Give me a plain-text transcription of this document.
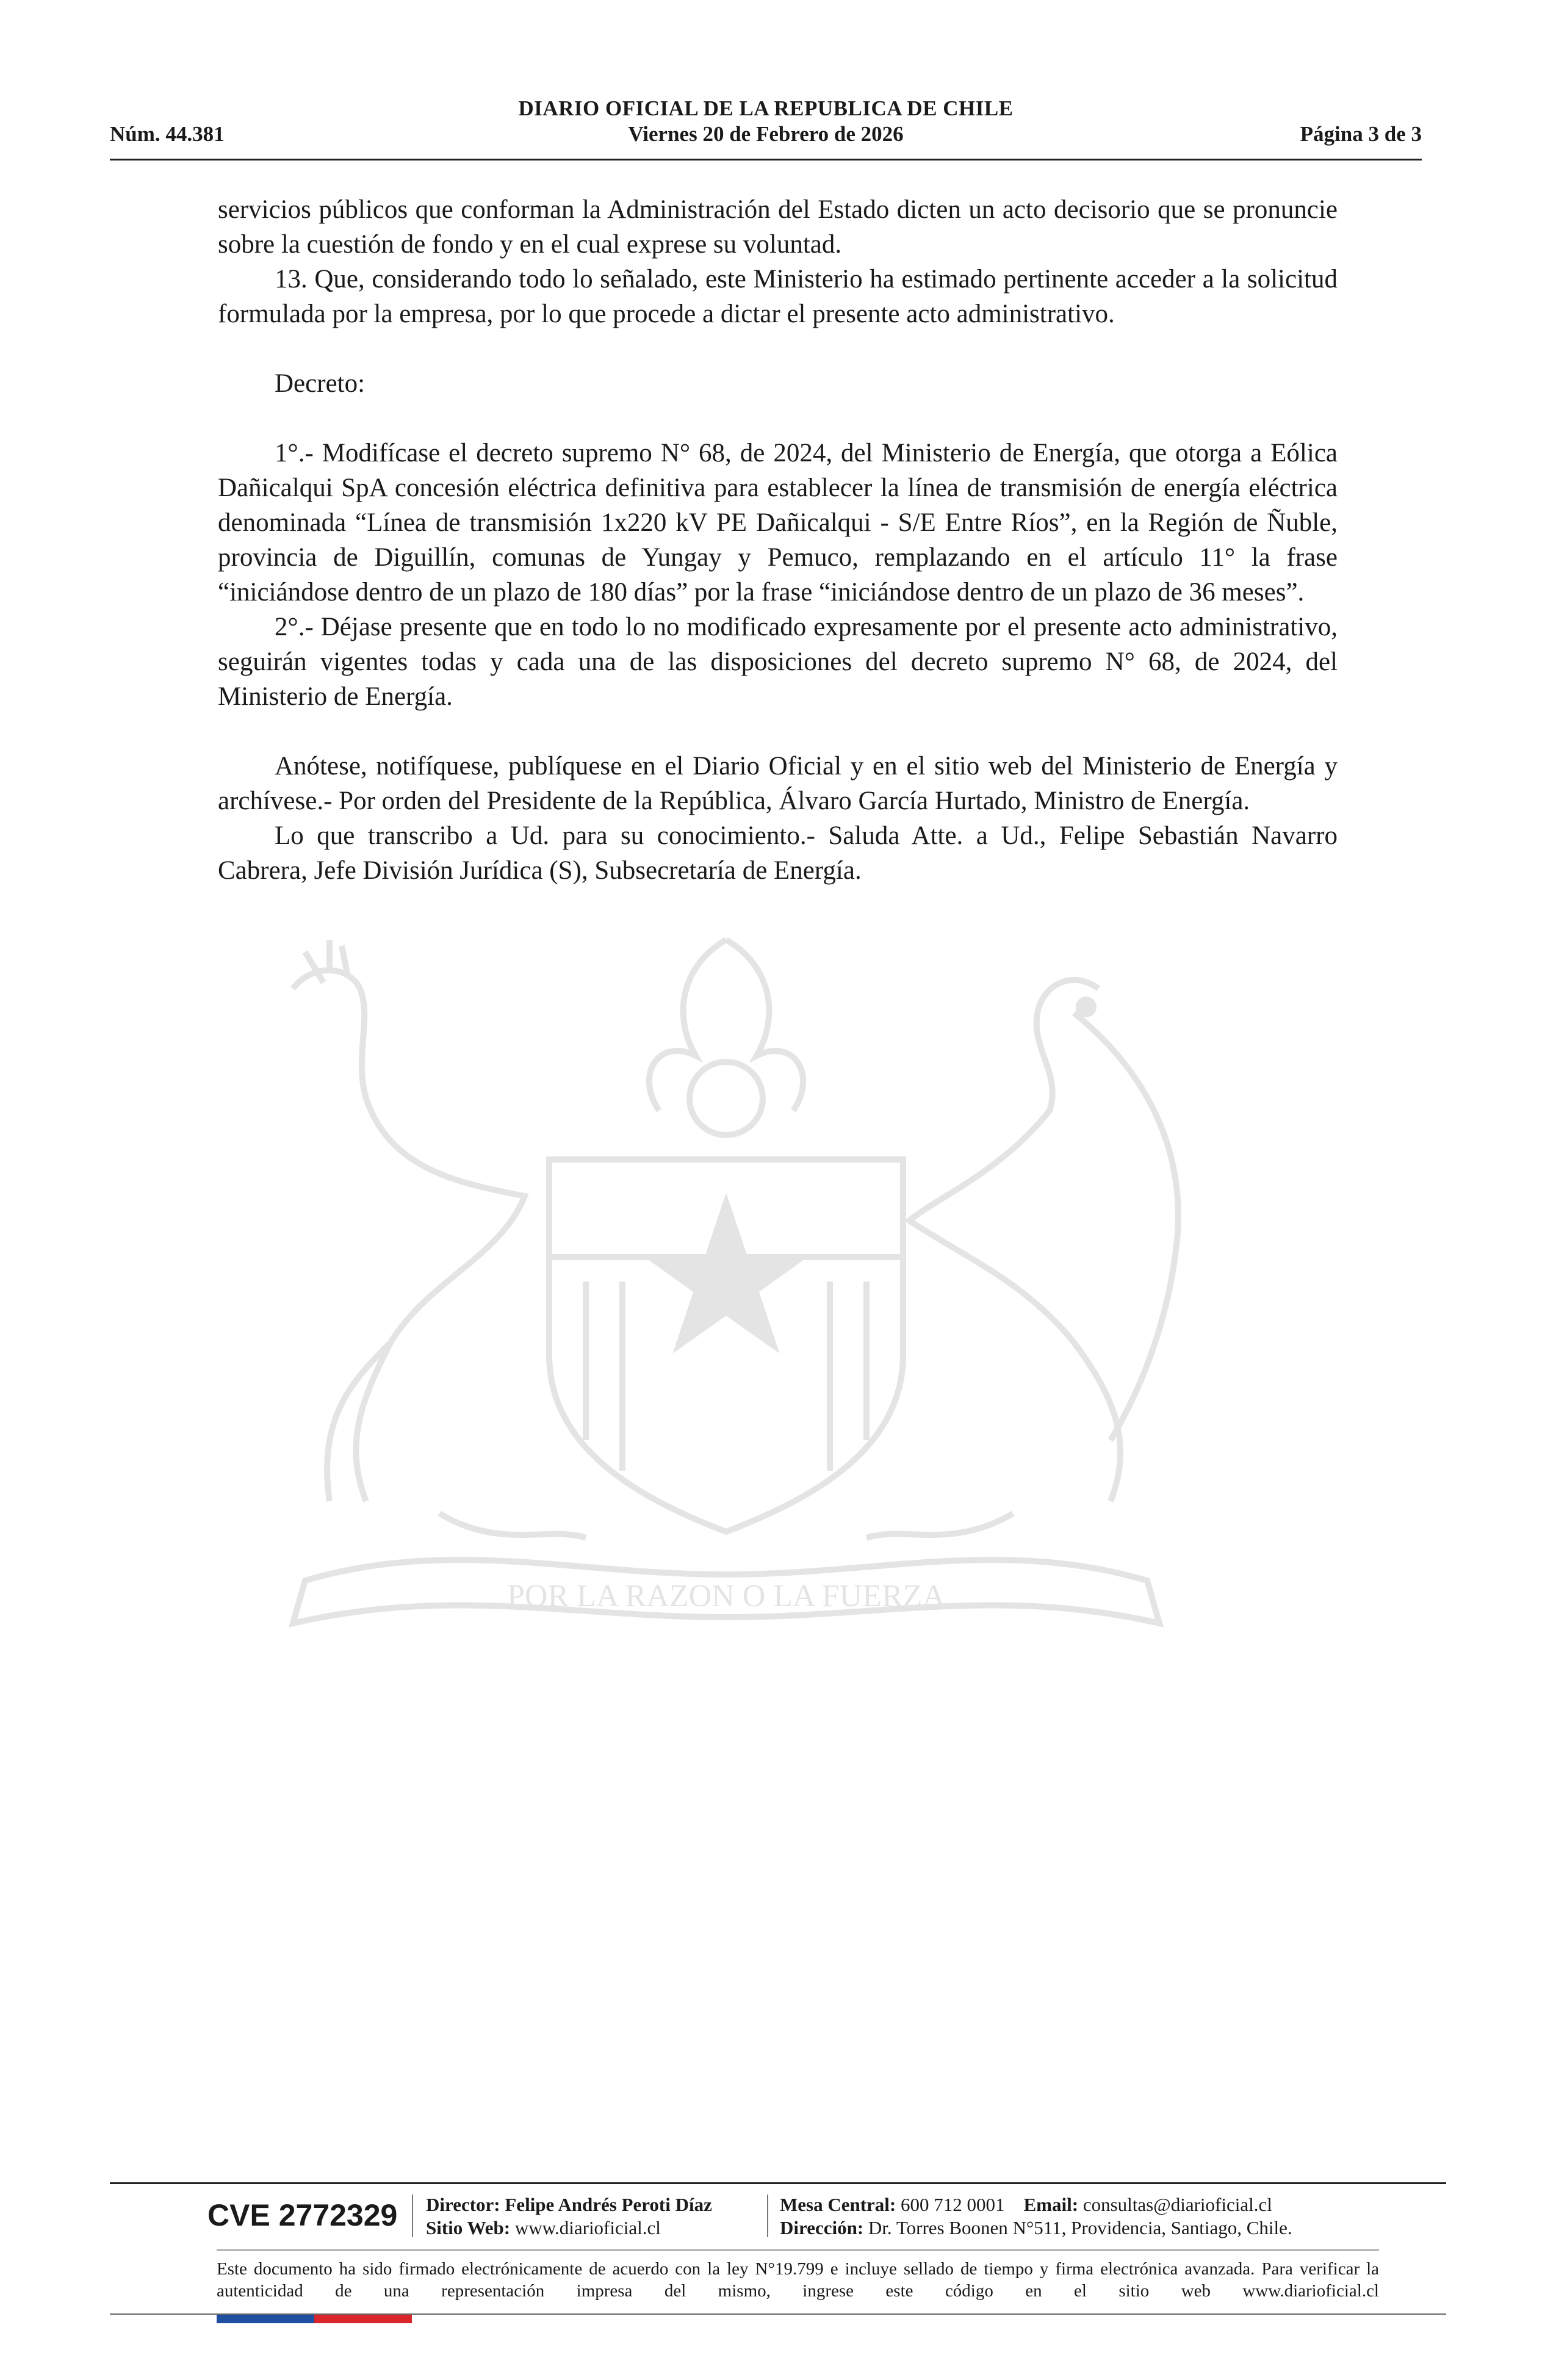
DIARIO OFICIAL DE LA REPUBLICA DE CHILE
Núm. 44.381	Viernes 20 de Febrero de 2026	Página 3 de 3
POR LA RAZON O LA FUERZA

servicios públicos que conforman la Administración del Estado dicten un acto decisorio que se pronuncie sobre la cuestión de fondo y en el cual exprese su voluntad.

13. Que, considerando todo lo señalado, este Ministerio ha estimado pertinente acceder a la solicitud formulada por la empresa, por lo que procede a dictar el presente acto administrativo.

Decreto:

1°.- Modifícase el decreto supremo N° 68, de 2024, del Ministerio de Energía, que otorga a Eólica Dañicalqui SpA concesión eléctrica definitiva para establecer la línea de transmisión de energía eléctrica denominada “Línea de transmisión 1x220 kV PE Dañicalqui - S/E Entre Ríos”, en la Región de Ñuble, provincia de Diguillín, comunas de Yungay y Pemuco, remplazando en el artículo 11° la frase “iniciándose dentro de un plazo de 180 días” por la frase “iniciándose dentro de un plazo de 36 meses”.

2°.- Déjase presente que en todo lo no modificado expresamente por el presente acto administrativo, seguirán vigentes todas y cada una de las disposiciones del decreto supremo N° 68, de 2024, del Ministerio de Energía.

Anótese, notifíquese, publíquese en el Diario Oficial y en el sitio web del Ministerio de Energía y archívese.- Por orden del Presidente de la República, Álvaro García Hurtado, Ministro de Energía.

Lo que transcribo a Ud. para su conocimiento.- Saluda Atte. a Ud., Felipe Sebastián Navarro Cabrera, Jefe División Jurídica (S), Subsecretaría de Energía.

CVE 2772329 Director: Felipe Andrés Peroti Díaz
Sitio Web: www.diarioficial.cl
Mesa Central: 600 712 0001 Email: consultas@diarioficial.cl
Dirección: Dr. Torres Boonen N°511, Providencia, Santiago, Chile.
Este documento ha sido firmado electrónicamente de acuerdo con la ley N°19.799 e incluye sellado de tiempo y firma electrónica avanzada. Para verificar la autenticidad de una representación impresa del mismo, ingrese este código en el sitio web www.diarioficial.cl
